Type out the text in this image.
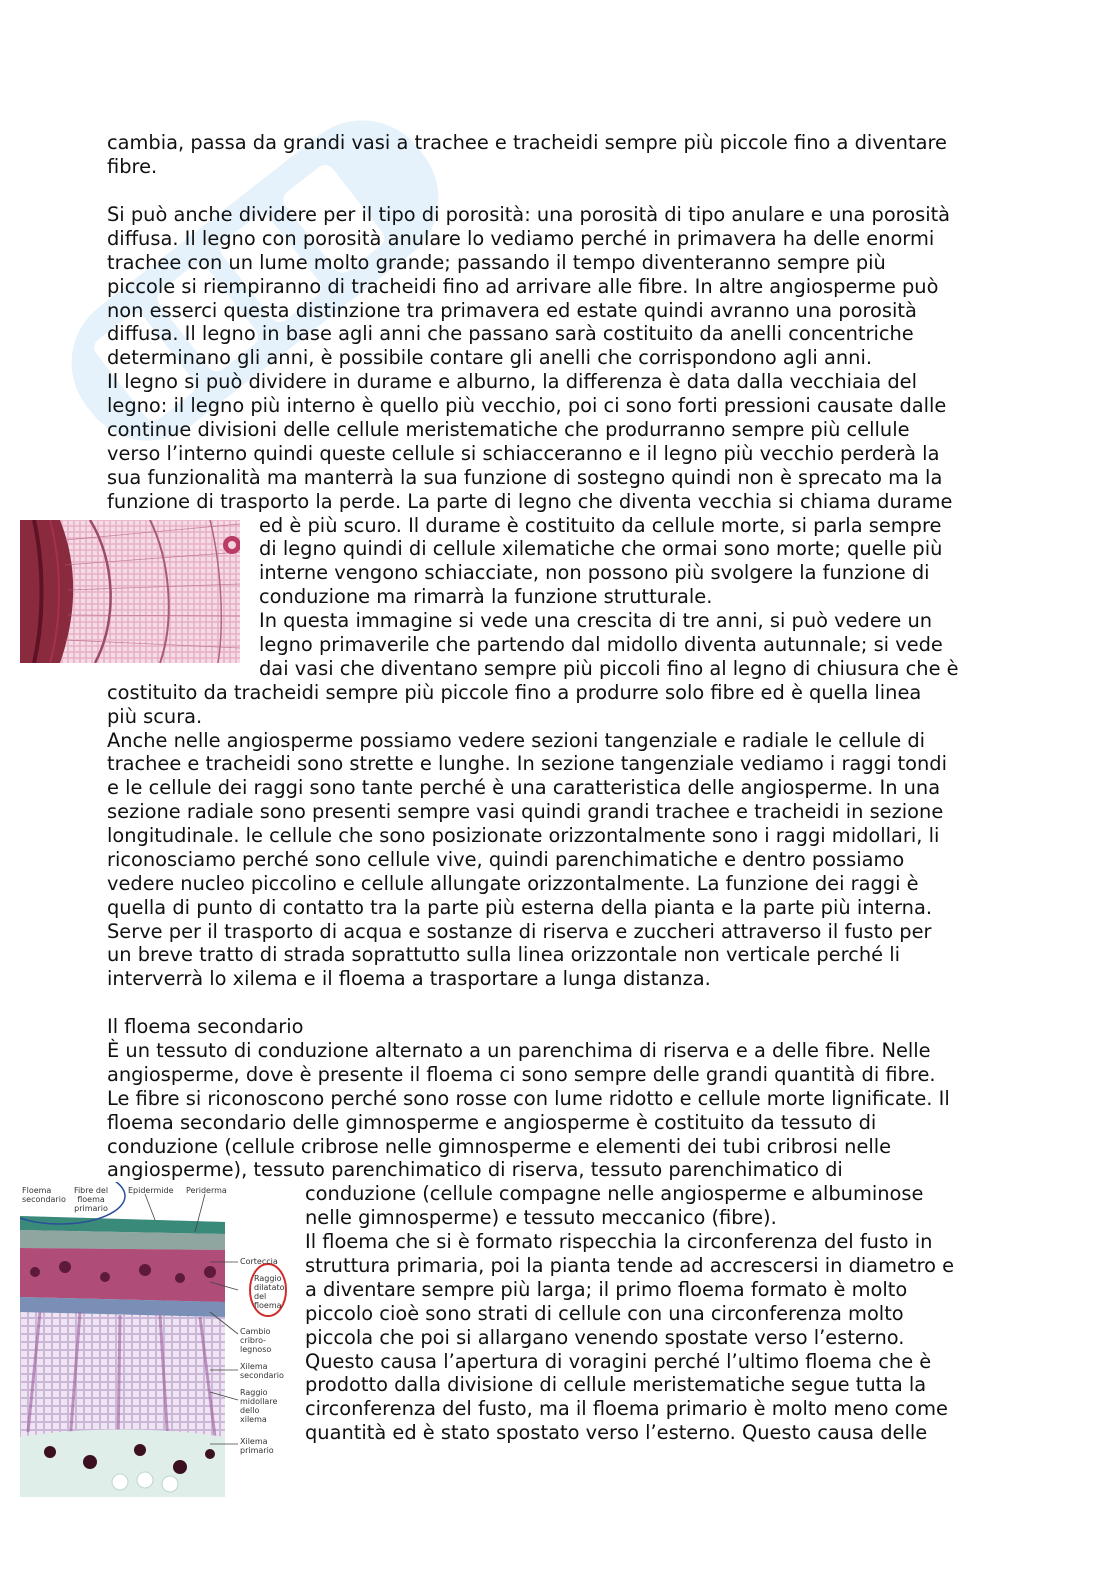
cambia, passa da grandi vasi a trachee e tracheidi sempre più piccole fino a diventare
fibre.
Si può anche dividere per il tipo di porosità: una porosità di tipo anulare e una porosità
diffusa. Il legno con porosità anulare lo vediamo perché in primavera ha delle enormi
trachee con un lume molto grande; passando il tempo diventeranno sempre più
piccole si riempiranno di tracheidi fino ad arrivare alle fibre. In altre angiosperme può
non esserci questa distinzione tra primavera ed estate quindi avranno una porosità
diffusa. Il legno in base agli anni che passano sarà costituito da anelli concentriche
determinano gli anni, è possibile contare gli anelli che corrispondono agli anni.
Il legno si può dividere in durame e alburno, la differenza è data dalla vecchiaia del
legno: il legno più interno è quello più vecchio, poi ci sono forti pressioni causate dalle
continue divisioni delle cellule meristematiche che produrranno sempre più cellule
verso l’interno quindi queste cellule si schiacceranno e il legno più vecchio perderà la
sua funzionalità ma manterrà la sua funzione di sostegno quindi non è sprecato ma la
funzione di trasporto la perde. La parte di legno che diventa vecchia si chiama durame
ed è più scuro. Il durame è costituito da cellule morte, si parla sempre
di legno quindi di cellule xilematiche che ormai sono morte; quelle più
interne vengono schiacciate, non possono più svolgere la funzione di
conduzione ma rimarrà la funzione strutturale.
In questa immagine si vede una crescita di tre anni, si può vedere un
legno primaverile che partendo dal midollo diventa autunnale; si vede
dai vasi che diventano sempre più piccoli fino al legno di chiusura che è
costituito da tracheidi sempre più piccole fino a produrre solo fibre ed è quella linea
più scura.
Anche nelle angiosperme possiamo vedere sezioni tangenziale e radiale le cellule di
trachee e tracheidi sono strette e lunghe. In sezione tangenziale vediamo i raggi tondi
e le cellule dei raggi sono tante perché è una caratteristica delle angiosperme. In una
sezione radiale sono presenti sempre vasi quindi grandi trachee e tracheidi in sezione
longitudinale. le cellule che sono posizionate orizzontalmente sono i raggi midollari, li
riconosciamo perché sono cellule vive, quindi parenchimatiche e dentro possiamo
vedere nucleo piccolino e cellule allungate orizzontalmente. La funzione dei raggi è
quella di punto di contatto tra la parte più esterna della pianta e la parte più interna.
Serve per il trasporto di acqua e sostanze di riserva e zuccheri attraverso il fusto per
un breve tratto di strada soprattutto sulla linea orizzontale non verticale perché li
interverrà lo xilema e il floema a trasportare a lunga distanza.
Il floema secondario
È un tessuto di conduzione alternato a un parenchima di riserva e a delle fibre. Nelle
angiosperme, dove è presente il floema ci sono sempre delle grandi quantità di fibre.
Le fibre si riconoscono perché sono rosse con lume ridotto e cellule morte lignificate. Il
floema secondario delle gimnosperme e angiosperme è costituito da tessuto di
conduzione (cellule cribrose nelle gimnosperme e elementi dei tubi cribrosi nelle
angiosperme), tessuto parenchimatico di riserva, tessuto parenchimatico di
conduzione (cellule compagne nelle angiosperme e albuminose
nelle gimnosperme) e tessuto meccanico (fibre).
Il floema che si è formato rispecchia la circonferenza del fusto in
struttura primaria, poi la pianta tende ad accrescersi in diametro e
a diventare sempre più larga; il primo floema formato è molto
piccolo cioè sono strati di cellule con una circonferenza molto
piccola che poi si allargano venendo spostate verso l’esterno.
Questo causa l’apertura di voragini perché l’ultimo floema che è
prodotto dalla divisione di cellule meristematiche segue tutta la
circonferenza del fusto, ma il floema primario è molto meno come
quantità ed è stato spostato verso l’esterno. Questo causa delle
Floema secondario
Fibre del floema primario
Epidermide Periderma
Corteccia
Raggio dilatato del floema
Cambio cribro-legnoso
Xilema secondario
Raggio midollare dello xilema
Xilema primario
